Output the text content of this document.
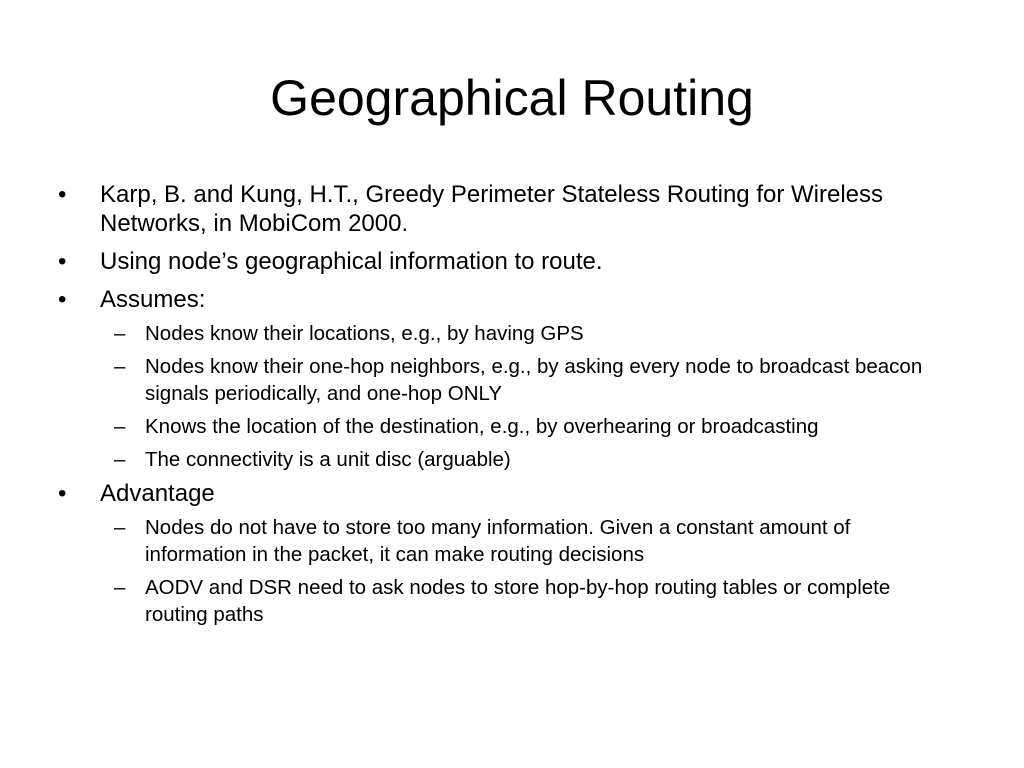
Geographical Routing
•	Karp, B. and Kung, H.T., Greedy Perimeter Stateless Routing for Wireless Networks, in MobiCom 2000.
•	Using node’s geographical information to route.
•	Assumes:
– Nodes know their locations, e.g., by having GPS
– Nodes know their one-hop neighbors, e.g., by asking every node to broadcast beacon signals periodically, and one-hop ONLY
– Knows the location of the destination, e.g., by overhearing or broadcasting
– The connectivity is a unit disc (arguable)
•	Advantage
– Nodes do not have to store too many information. Given a constant amount of information in the packet, it can make routing decisions
– AODV and DSR need to ask nodes to store hop-by-hop routing tables or complete routing paths
